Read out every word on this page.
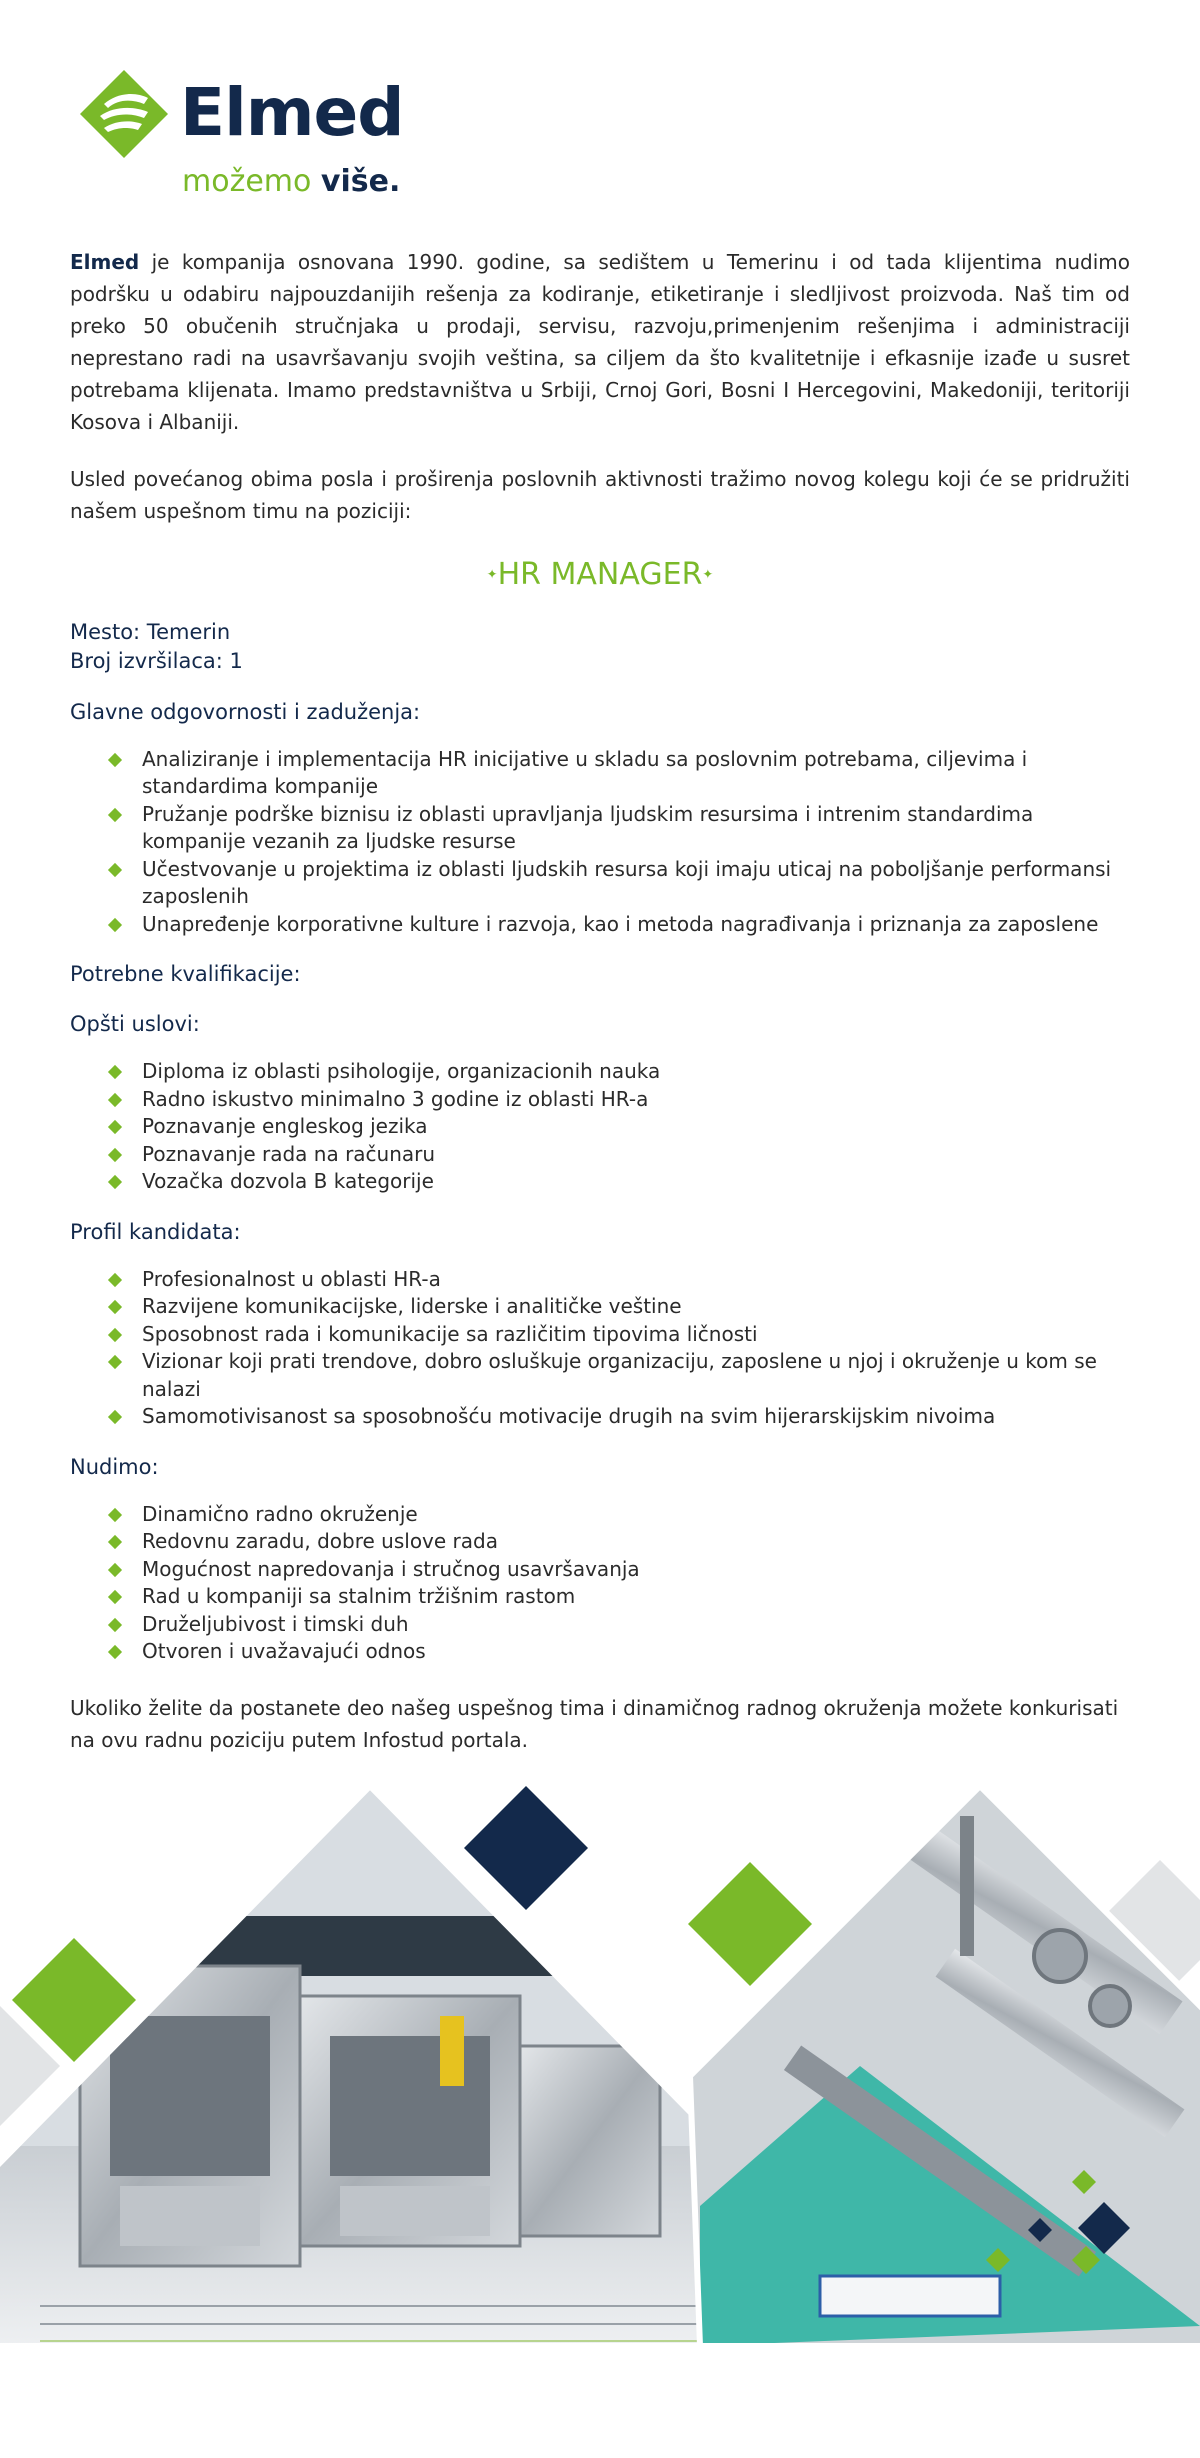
Elmed
možemo više.

Elmed je kompanija osnovana 1990. godine, sa sedištem u Temerinu i od tada klijentima nudimo podršku u odabiru najpouzdanijih rešenja za kodiranje, etiketiranje i sledljivost proizvoda. Naš tim od preko 50 obučenih stručnjaka u prodaji, servisu, razvoju,primenjenim rešenjima i administraciji neprestano radi na usavršavanju svojih veština, sa ciljem da što kvalitetnije i efkasnije izađe u susret potrebama klijenata. Imamo predstavništva u Srbiji, Crnoj Gori, Bosni I Hercegovini, Makedoniji, teritoriji Kosova i Albaniji.

Usled povećanog obima posla i proširenja poslovnih aktivnosti tražimo novog kolegu koji će se pridružiti našem uspešnom timu na poziciji:

✦HR MANAGER✦
Mesto: Temerin
Broj izvršilaca: 1
Glavne odgovornosti i zaduženja:
Analiziranje i implementacija HR inicijative u skladu sa poslovnim potrebama, ciljevima i standardima kompanije
Pružanje podrške biznisu iz oblasti upravljanja ljudskim resursima i intrenim standardima kompanije vezanih za ljudske resurse
Učestvovanje u projektima iz oblasti ljudskih resursa koji imaju uticaj na poboljšanje performansi zaposlenih
Unapređenje korporativne kulture i razvoja, kao i metoda nagrađivanja i priznanja za zaposlene
Potrebne kvalifikacije:
Opšti uslovi:
Diploma iz oblasti psihologije, organizacionih nauka
Radno iskustvo minimalno 3 godine iz oblasti HR-a
Poznavanje engleskog jezika
Poznavanje rada na računaru
Vozačka dozvola B kategorije
Profil kandidata:
Profesionalnost u oblasti HR-a
Razvijene komunikacijske, liderske i analitičke veštine
Sposobnost rada i komunikacije sa različitim tipovima ličnosti
Vizionar koji prati trendove, dobro osluškuje organizaciju, zaposlene u njoj i okruženje u kom se nalazi
Samomotivisanost sa sposobnošću motivacije drugih na svim hijerarskijskim nivoima
Nudimo:
Dinamično radno okruženje
Redovnu zaradu, dobre uslove rada
Mogućnost napredovanja i stručnog usavršavanja
Rad u kompaniji sa stalnim tržišnim rastom
Druželjubivost i timski duh
Otvoren i uvažavajući odnos

Ukoliko želite da postanete deo našeg uspešnog tima i dinamičnog radnog okruženja možete konkurisati na ovu radnu poziciju putem Infostud portala.
